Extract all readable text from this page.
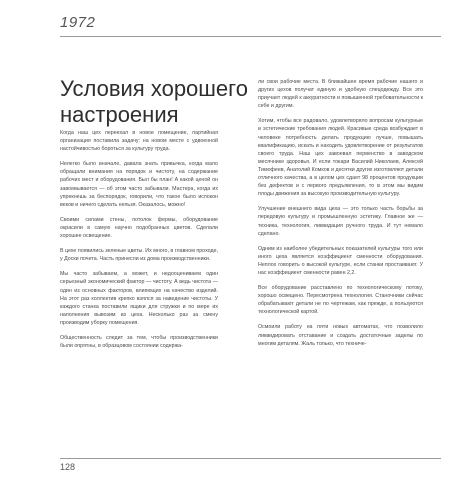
1972
Условия хорошего настроения

Когда наш цех переехал в новое помещение, партийная организация поставила задачу: на новом месте с удвоенной настойчивостью бороться за культуру труда.

Нелегко было вначале, давала знать привычка, когда мало обращали внимания на порядок и чистоту, на содержание рабочих мест и оборудования. Был бы план! А какой ценой он завоевывается — об этом часто забывали. Мастера, когда их упрекнешь за беспорядок, говорили, что такое было испокон веков и ничего сделать нельзя. Оказалось, можно!

Своими силами стены, потолок фермы, оборудование окрасили в самую научно подобранных цветов. Сделали хорошее освещение.

В цехе появились зеленые цветы. Их много, в главном проходе, у Доски почета. Часть принесли из дома производственники.

Мы часто забываем, а может, и недооцениваем один серьезный экономический фактор — чистоту. А ведь чистота — один из основных факторов, влияющих на качество изделий. На этот раз коллектив крепко взялся за наведение чистоты. У каждого станка поставили ящики для стружки и по мере их наполнения вывозим из цеха. Несколько раз за смену производим уборку помещения.

Общественность следит за тем, чтобы производственники были опрятны, в образцовом состоянии содержа-

ли свои рабочие места. В ближайшее время рабочие нашего и других цехов получат единую и удобную спецодежду. Все это приучает людей к аккуратности и повышенной требовательности к себе и другим.

Хотим, чтобы все радовало, удовлетворяло вопросам культурные и эстетические требования людей. Красивые среда возбуждает в человеке потребность делать продукцию лучше, повышать квалификацию, искать и находить удовлетворение от результатов своего труда. Наш цех завоевал первенство в заводском месячнике здоровья. И если токари Василий Николаев, Алексей Тимофеев, Анатолий Комков и десятки других изготовляют детали отличного качества, а в целом цех сдает 98 процентов продукции без дефектов и с первого предъявления, то в этом мы видим плоды движения за высокую производительную культуру.

Улучшение внешнего вида цеха — это только часть борьбы за передовую культуру и промышленную эстетику. Главное же — техника, технология, ликвидация ручного труда. И тут немало сделано.

Одним из наиболее убедительных показателей культуры того или иного цеха является коэффициент сменности оборудования. Неплох говорить о высокой культуре, если станки простаивают. У нас коэффициент сменности равен 2,2.

Все оборудование расставлено по технологическому потоку, хорошо освещено. Пересмотрена технология. Станочники сейчас обрабатывают детали не по чертежам, как прежде, а пользуются технологической картой.

Осмоили работу на пяти новых автоматах, что позволило ликвидировать отставание и создать достаточные заделы по многим деталям. Жаль только, что техниче-

128
